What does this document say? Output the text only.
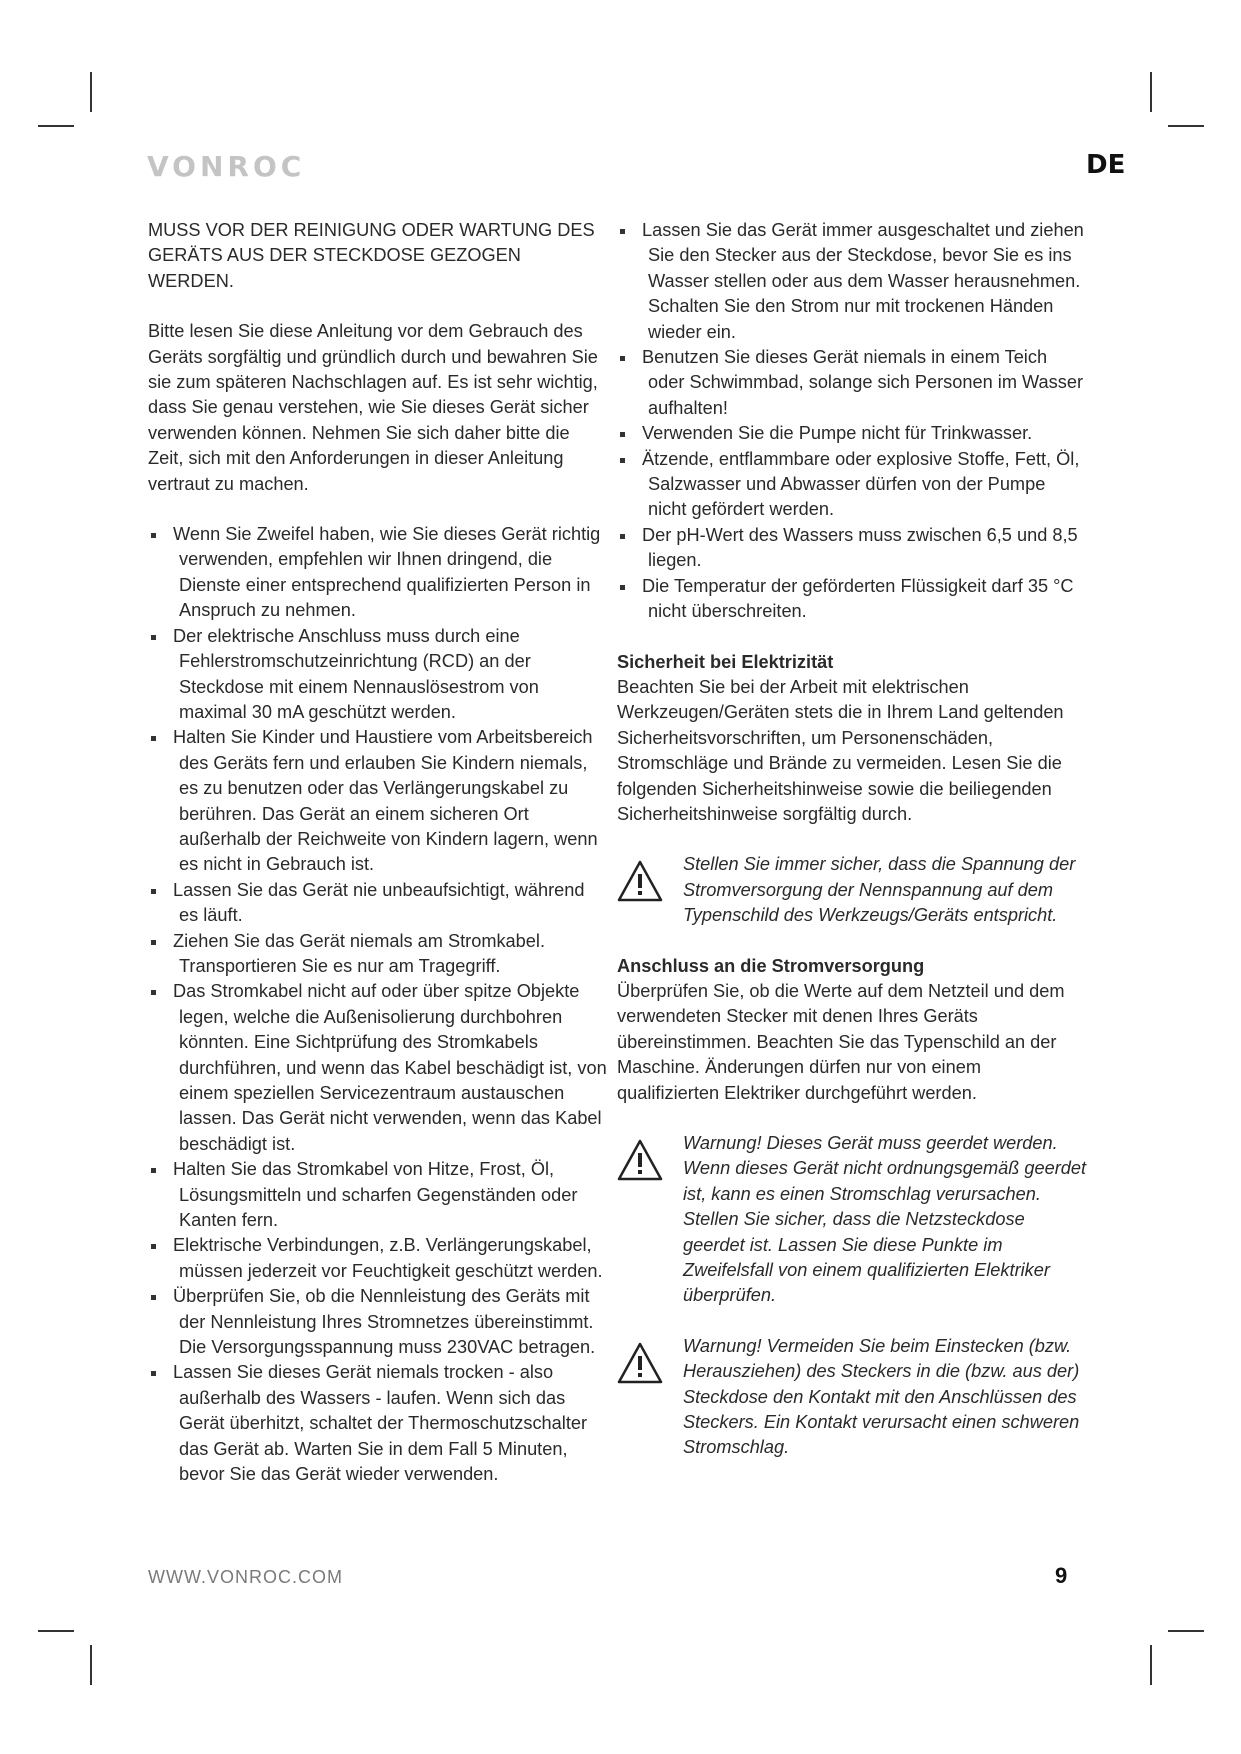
VONROC	DE

MUSS VOR DER REINIGUNG ODER WARTUNG DES GERÄTS AUS DER STECKDOSE GEZOGEN WERDEN.

Bitte lesen Sie diese Anleitung vor dem Gebrauch des Geräts sorgfältig und gründlich durch und bewahren Sie sie zum späteren Nachschlagen auf. Es ist sehr wichtig, dass Sie genau verstehen, wie Sie dieses Gerät sicher verwenden können. Nehmen Sie sich daher bitte die Zeit, sich mit den Anforderungen in dieser Anleitung vertraut zu machen.

Wenn Sie Zweifel haben, wie Sie dieses Gerät richtig verwenden, empfehlen wir Ihnen dringend, die Dienste einer entsprechend qualifizierten Person in Anspruch zu nehmen.
Der elektrische Anschluss muss durch eine Fehlerstromschutzeinrichtung (RCD) an der Steckdose mit einem Nennauslösestrom von maximal 30 mA geschützt werden.
Halten Sie Kinder und Haustiere vom Arbeitsbereich des Geräts fern und erlauben Sie Kindern niemals, es zu benutzen oder das Verlängerungskabel zu berühren. Das Gerät an einem sicheren Ort außerhalb der Reichweite von Kindern lagern, wenn es nicht in Gebrauch ist.
Lassen Sie das Gerät nie unbeaufsichtigt, während es läuft.
Ziehen Sie das Gerät niemals am Stromkabel. Transportieren Sie es nur am Tragegriff.
Das Stromkabel nicht auf oder über spitze Objekte legen, welche die Außenisolierung durchbohren könnten. Eine Sichtprüfung des Stromkabels durchführen, und wenn das Kabel beschädigt ist, von einem speziellen Servicezentraum austauschen lassen. Das Gerät nicht verwenden, wenn das Kabel beschädigt ist.
Halten Sie das Stromkabel von Hitze, Frost, Öl, Lösungsmitteln und scharfen Gegenständen oder Kanten fern.
Elektrische Verbindungen, z.B. Verlängerungskabel, müssen jederzeit vor Feuchtigkeit geschützt werden.
Überprüfen Sie, ob die Nennleistung des Geräts mit der Nennleistung Ihres Stromnetzes übereinstimmt. Die Versorgungsspannung muss 230VAC betragen.
Lassen Sie dieses Gerät niemals trocken - also außerhalb des Wassers - laufen. Wenn sich das Gerät überhitzt, schaltet der Thermoschutzschalter das Gerät ab. Warten Sie in dem Fall 5 Minuten, bevor Sie das Gerät wieder verwenden.
Lassen Sie das Gerät immer ausgeschaltet und ziehen Sie den Stecker aus der Steckdose, bevor Sie es ins Wasser stellen oder aus dem Wasser herausnehmen. Schalten Sie den Strom nur mit trockenen Händen wieder ein.
Benutzen Sie dieses Gerät niemals in einem Teich oder Schwimmbad, solange sich Personen im Wasser aufhalten!
Verwenden Sie die Pumpe nicht für Trinkwasser.
Ätzende, entflammbare oder explosive Stoffe, Fett, Öl, Salzwasser und Abwasser dürfen von der Pumpe nicht gefördert werden.
Der pH-Wert des Wassers muss zwischen 6,5 und 8,5 liegen.
Die Temperatur der geförderten Flüssigkeit darf 35 °C nicht überschreiten.

Sicherheit bei Elektrizität

Beachten Sie bei der Arbeit mit elektrischen Werkzeugen/Geräten stets die in Ihrem Land geltenden Sicherheitsvorschriften, um Personenschäden, Stromschläge und Brände zu vermeiden. Lesen Sie die folgenden Sicherheitshinweise sowie die beiliegenden Sicherheitshinweise sorgfältig durch.

Stellen Sie immer sicher, dass die Spannung der Stromversorgung der Nennspannung auf dem Typenschild des Werkzeugs/Geräts entspricht.

Anschluss an die Stromversorgung

Überprüfen Sie, ob die Werte auf dem Netzteil und dem verwendeten Stecker mit denen Ihres Geräts übereinstimmen. Beachten Sie das Typenschild an der Maschine. Änderungen dürfen nur von einem qualifizierten Elektriker durchgeführt werden.

Warnung! Dieses Gerät muss geerdet werden. Wenn dieses Gerät nicht ordnungsgemäß geerdet ist, kann es einen Stromschlag verursachen. Stellen Sie sicher, dass die Netzsteckdose geerdet ist. Lassen Sie diese Punkte im Zweifelsfall von einem qualifizierten Elektriker überprüfen.
Warnung! Vermeiden Sie beim Einstecken (bzw. Herausziehen) des Steckers in die (bzw. aus der) Steckdose den Kontakt mit den Anschlüssen des Steckers. Ein Kontakt verursacht einen schweren Stromschlag.
WWW.VONROC.COM	9
